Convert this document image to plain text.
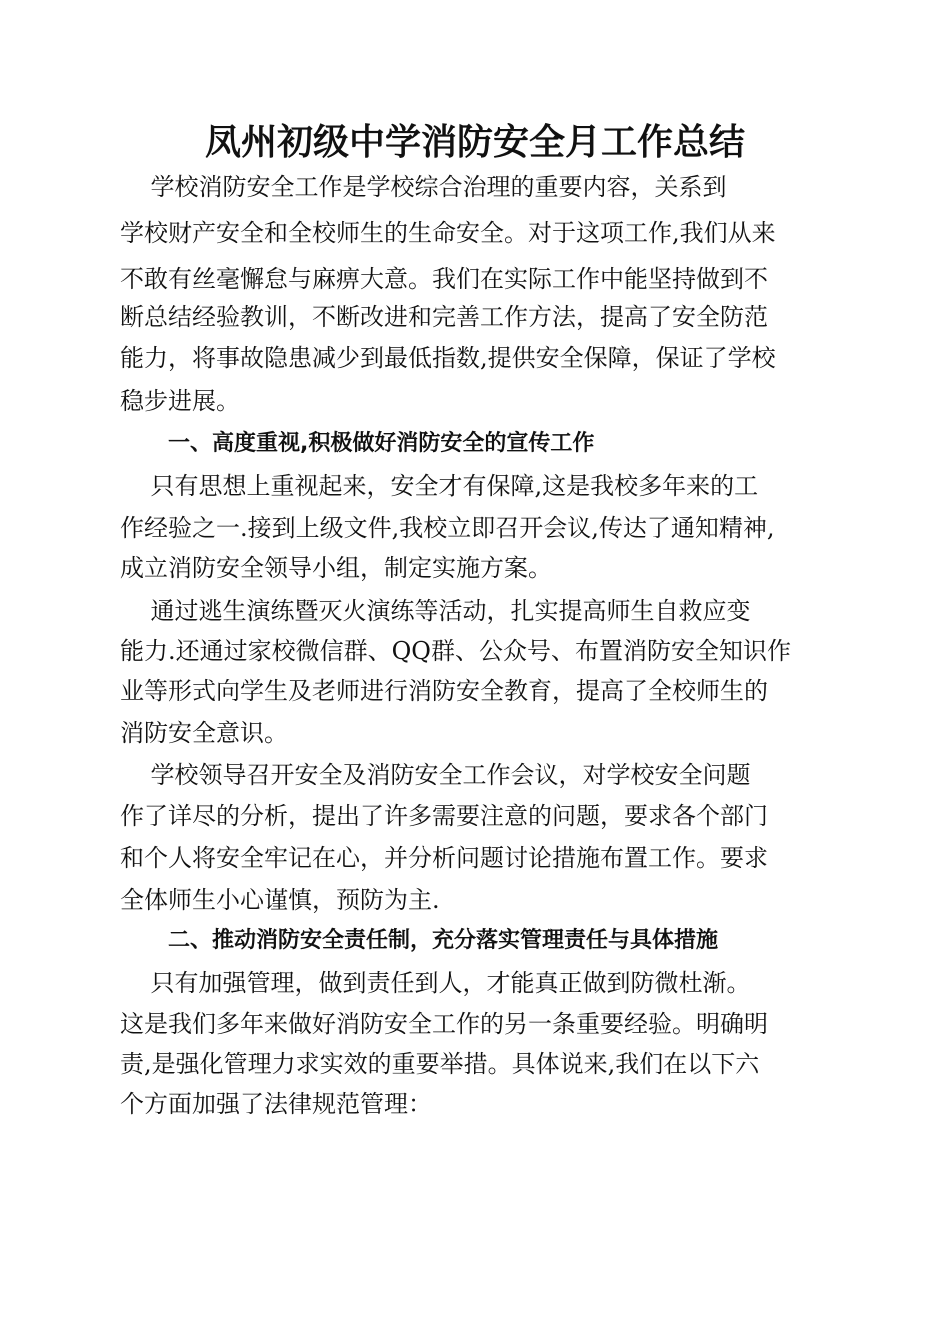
凤州初级中学消防安全月工作总结

学校消防安全工作是学校综合治理的重要内容，关系到

学校财产安全和全校师生的生命安全。对于这项工作,我们从来

不敢有丝毫懈怠与麻痹大意。我们在实际工作中能坚持做到不

断总结经验教训，不断改进和完善工作方法，提高了安全防范

能力，将事故隐患减少到最低指数,提供安全保障，保证了学校

稳步进展。

一、高度重视,积极做好消防安全的宣传工作

只有思想上重视起来，安全才有保障,这是我校多年来的工

作经验之一.接到上级文件,我校立即召开会议,传达了通知精神,

成立消防安全领导小组，制定实施方案。

通过逃生演练暨灭火演练等活动，扎实提高师生自救应变

能力.还通过家校微信群、QQ群、公众号、布置消防安全知识作

业等形式向学生及老师进行消防安全教育，提高了全校师生的

消防安全意识。

学校领导召开安全及消防安全工作会议，对学校安全问题

作了详尽的分析，提出了许多需要注意的问题，要求各个部门

和个人将安全牢记在心，并分析问题讨论措施布置工作。要求

全体师生小心谨慎，预防为主.

二、推动消防安全责任制，充分落实管理责任与具体措施

只有加强管理，做到责任到人，才能真正做到防微杜渐。

这是我们多年来做好消防安全工作的另一条重要经验。明确明

责,是强化管理力求实效的重要举措。具体说来,我们在以下六

个方面加强了法律规范管理：
